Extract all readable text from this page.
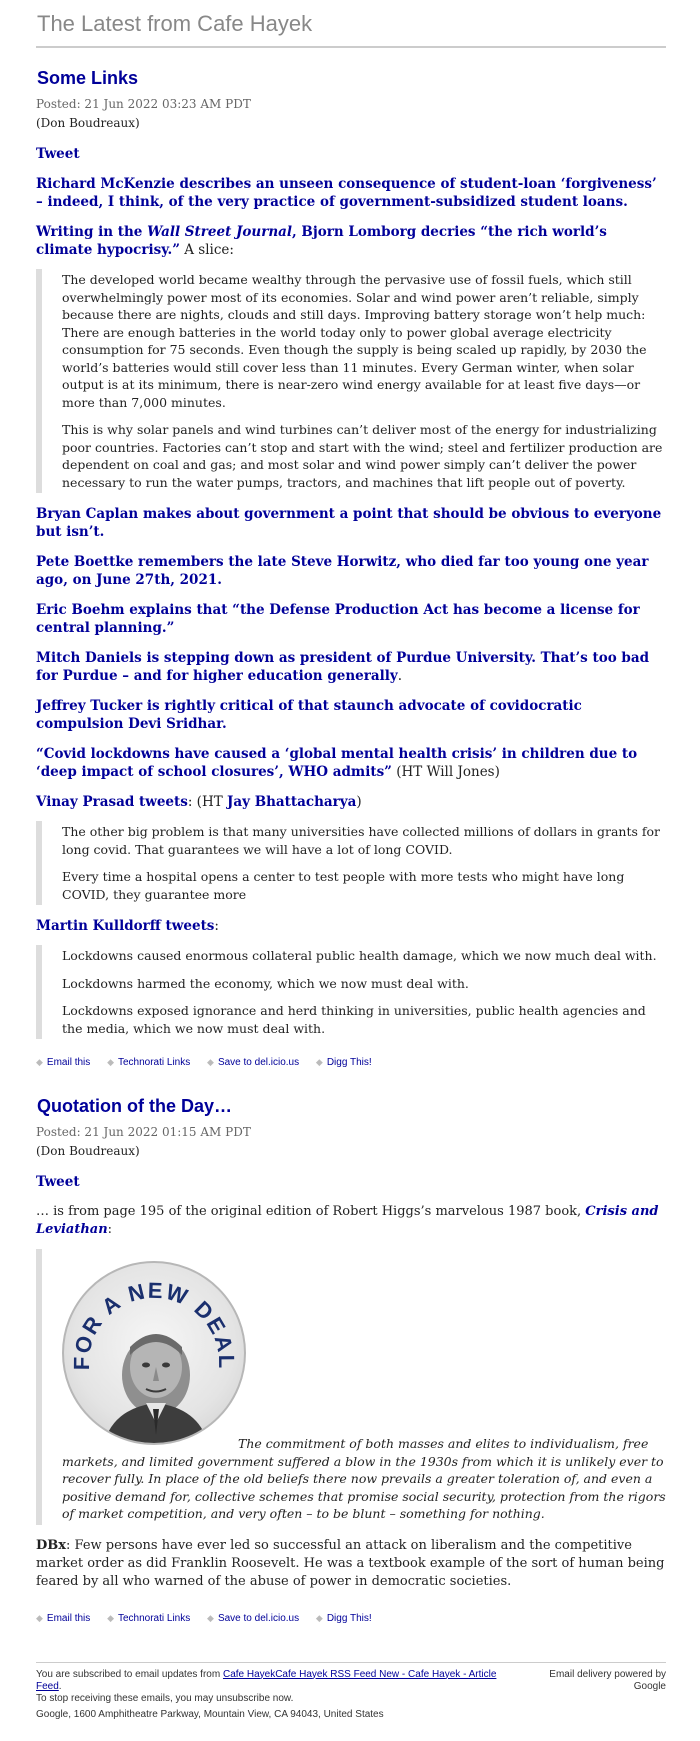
The Latest from Cafe Hayek
Some Links
Posted: 21 Jun 2022 03:23 AM PDT
(Don Boudreaux)
Tweet

Richard McKenzie describes an unseen consequence of student-loan ‘forgiveness’ – indeed, I think, of the very practice of government-subsidized student loans.

Writing in the Wall Street Journal, Bjorn Lomborg decries “the rich world’s climate hypocrisy.” A slice:

The developed world became wealthy through the pervasive use of fossil fuels, which still overwhelmingly power most of its economies. Solar and wind power aren’t reliable, simply because there are nights, clouds and still days. Improving battery storage won’t help much: There are enough batteries in the world today only to power global average electricity consumption for 75 seconds. Even though the supply is being scaled up rapidly, by 2030 the world’s batteries would still cover less than 11 minutes. Every German winter, when solar output is at its minimum, there is near-zero wind energy available for at least five days—or more than 7,000 minutes.

This is why solar panels and wind turbines can’t deliver most of the energy for industrializing poor countries. Factories can’t stop and start with the wind; steel and fertilizer production are dependent on coal and gas; and most solar and wind power simply can’t deliver the power necessary to run the water pumps, tractors, and machines that lift people out of poverty.

Bryan Caplan makes about government a point that should be obvious to everyone but isn’t.

Pete Boettke remembers the late Steve Horwitz, who died far too young one year ago, on June 27th, 2021.

Eric Boehm explains that “the Defense Production Act has become a license for central planning.”

Mitch Daniels is stepping down as president of Purdue University. That’s too bad for Purdue – and for higher education generally.

Jeffrey Tucker is rightly critical of that staunch advocate of covidocratic compulsion Devi Sridhar.

“Covid lockdowns have caused a ‘global mental health crisis’ in children due to ‘deep impact of school closures’, WHO admits” (HT Will Jones)

Vinay Prasad tweets: (HT Jay Bhattacharya)

The other big problem is that many universities have collected millions of dollars in grants for long covid. That guarantees we will have a lot of long COVID.

Every time a hospital opens a center to test people with more tests who might have long COVID, they guarantee more

Martin Kulldorff tweets:

Lockdowns caused enormous collateral public health damage, which we now much deal with.

Lockdowns harmed the economy, which we now must deal with.

Lockdowns exposed ignorance and herd thinking in universities, public health agencies and the media, which we now must deal with.

◆ Email this ◆ Technorati Links ◆ Save to del.icio.us ◆ Digg This!
Quotation of the Day…
Posted: 21 Jun 2022 01:15 AM PDT
(Don Boudreaux)
Tweet

… is from page 195 of the original edition of Robert Higgs’s marvelous 1987 book, Crisis and Leviathan:

FOR A NEW DEAL

The commitment of both masses and elites to individualism, free markets, and limited government suffered a blow in the 1930s from which it is unlikely ever to recover fully. In place of the old beliefs there now prevails a greater toleration of, and even a positive demand for, collective schemes that promise social security, protection from the rigors of market competition, and very often – to be blunt – something for nothing.

DBx: Few persons have ever led so successful an attack on liberalism and the competitive market order as did Franklin Roosevelt. He was a textbook example of the sort of human being feared by all who warned of the abuse of power in democratic societies.
◆ Email this ◆ Technorati Links ◆ Save to del.icio.us ◆ Digg This!
You are subscribed to email updates from Cafe HayekCafe Hayek RSS Feed New - Cafe Hayek - Article Feed.
To stop receiving these emails, you may unsubscribe now.
Google, 1600 Amphitheatre Parkway, Mountain View, CA 94043, United States
Email delivery powered by Google
